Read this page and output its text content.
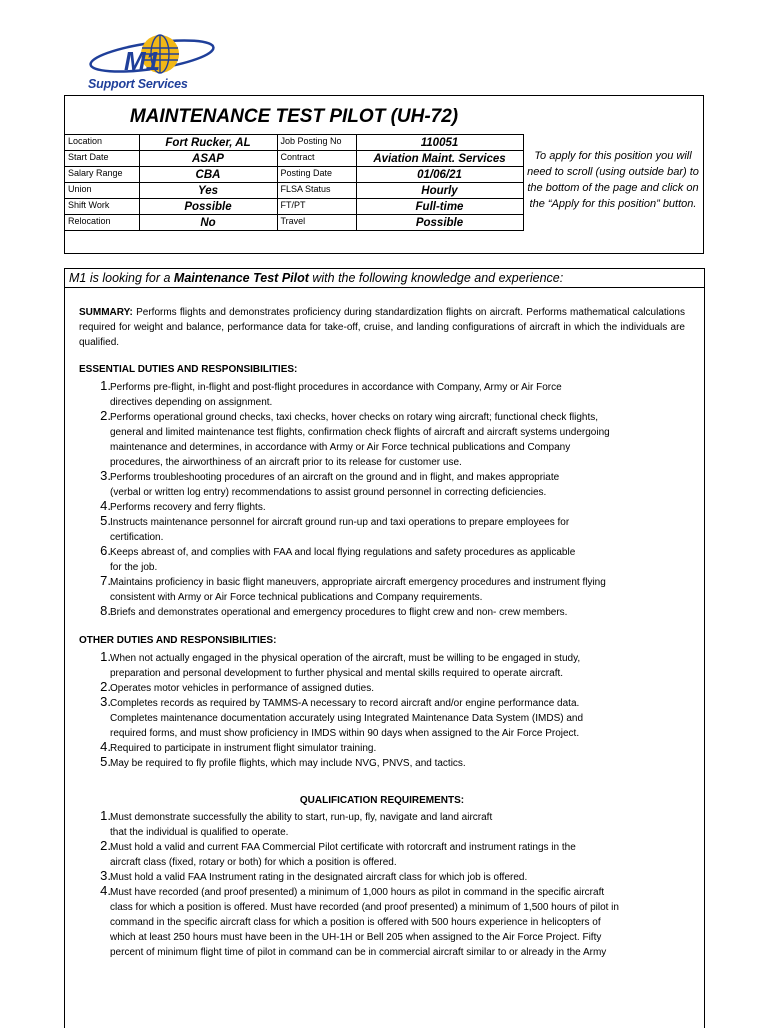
M1
Support Services
MAINTENANCE TEST PILOT (UH-72)
Location	Fort Rucker, AL	Job Posting No	110051
Start Date	ASAP	Contract	Aviation Maint. Services
Salary Range	CBA	Posting Date	01/06/21
Union	Yes	FLSA Status	Hourly
Shift Work	Possible	FT/PT	Full-time
Relocation	No	Travel	Possible
To apply for this position you will need to scroll (using outside bar) to the bottom of the page and click on the “Apply for this position” button.
M1 is looking for a Maintenance Test Pilot with the following knowledge and experience:

SUMMARY: Performs flights and demonstrates proficiency during standardization flights on aircraft. Performs mathematical calculations required for weight and balance, performance data for take-off, cruise, and landing configurations of aircraft in which the individuals are qualified.

ESSENTIAL DUTIES AND RESPONSIBILITIES:

1. Performs pre-flight, in-flight and post-flight procedures in accordance with Company, Army or Air Force
directives depending on assignment.
2. Performs operational ground checks, taxi checks, hover checks on rotary wing aircraft; functional check flights,
general and limited maintenance test flights, confirmation check flights of aircraft and aircraft systems undergoing
maintenance and determines, in accordance with Army or Air Force technical publications and Company
procedures, the airworthiness of an aircraft prior to its release for customer use.
3. Performs troubleshooting procedures of an aircraft on the ground and in flight, and makes appropriate
(verbal or written log entry) recommendations to assist ground personnel in correcting deficiencies.
4. Performs recovery and ferry flights.
5. Instructs maintenance personnel for aircraft ground run-up and taxi operations to prepare employees for
certification.
6. Keeps abreast of, and complies with FAA and local flying regulations and safety procedures as applicable
for the job.
7. Maintains proficiency in basic flight maneuvers, appropriate aircraft emergency procedures and instrument flying
consistent with Army or Air Force technical publications and Company requirements.
8. Briefs and demonstrates operational and emergency procedures to flight crew and non- crew members.

OTHER DUTIES AND RESPONSIBILITIES:

1. When not actually engaged in the physical operation of the aircraft, must be willing to be engaged in study,
preparation and personal development to further physical and mental skills required to operate aircraft.
2. Operates motor vehicles in performance of assigned duties.
3. Completes records as required by TAMMS-A necessary to record aircraft and/or engine performance data.
Completes maintenance documentation accurately using Integrated Maintenance Data System (IMDS) and
required forms, and must show proficiency in IMDS within 90 days when assigned to the Air Force Project.
4. Required to participate in instrument flight simulator training.
5. May be required to fly profile flights, which may include NVG, PNVS, and tactics.

QUALIFICATION REQUIREMENTS:

1. Must demonstrate successfully the ability to start, run-up, fly, navigate and land aircraft
that the individual is qualified to operate.
2. Must hold a valid and current FAA Commercial Pilot certificate with rotorcraft and instrument ratings in the
aircraft class (fixed, rotary or both) for which a position is offered.
3. Must hold a valid FAA Instrument rating in the designated aircraft class for which job is offered.
4. Must have recorded (and proof presented) a minimum of 1,000 hours as pilot in command in the specific aircraft
class for which a position is offered. Must have recorded (and proof presented) a minimum of 1,500 hours of pilot in
command in the specific aircraft class for which a position is offered with 500 hours experience in helicopters of
which at least 250 hours must have been in the UH-1H or Bell 205 when assigned to the Air Force Project. Fifty
percent of minimum flight time of pilot in command can be in commercial aircraft similar to or already in the Army
